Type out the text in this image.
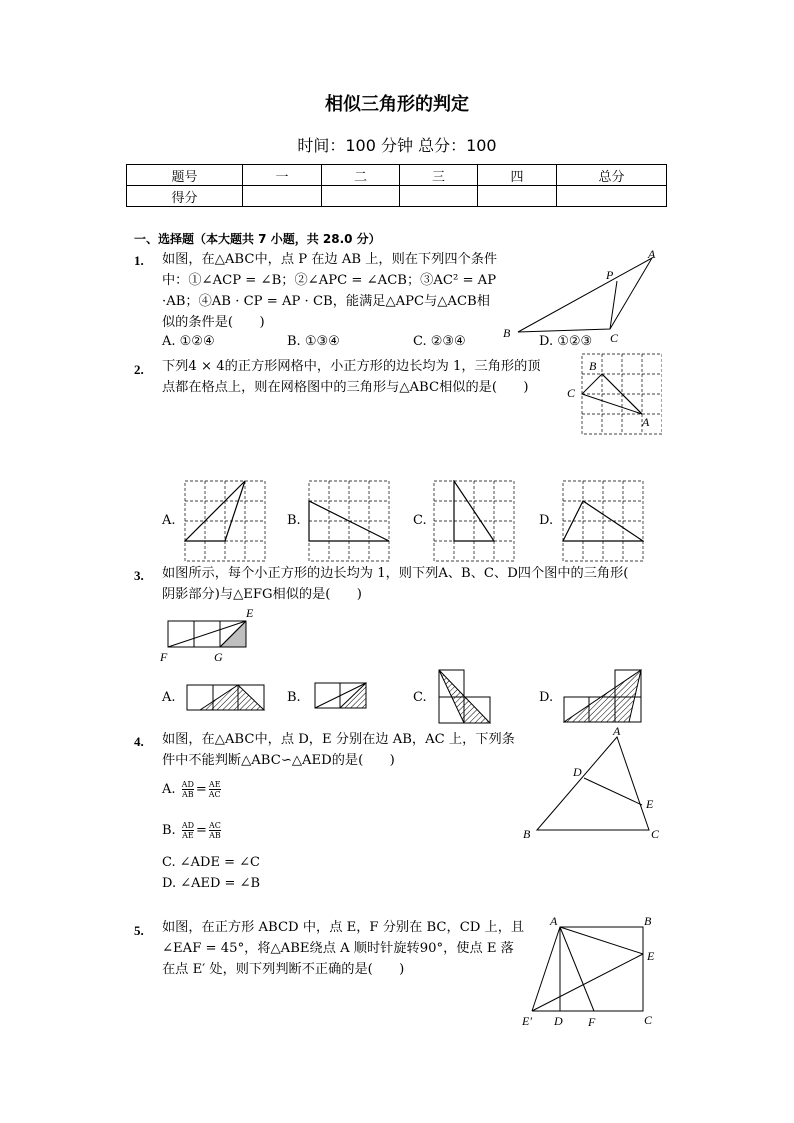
相似三角形的判定
时间：100 分钟 总分：100
题号	一	二	三	四	总分
得分					
一、选择题（本大题共 7 小题，共 28.0 分）
1. 如图，在△ABC中，点 P 在边 AB 上，则在下列四个条件
中：①∠ACP = ∠B；②∠APC = ∠ACB；③AC² = AP
·AB；④AB · CP = AP · CB，能满足△APC与△ACB相
似的条件是(　　)
A. ①②④	B. ①③④	C. ②③④
B	C
A
P
D. ①②③
2. 下列4 × 4的正方形网格中，小正方形的边长均为 1，三角形的顶
点都在格点上，则在网格图中的三角形与△ABC相似的是(　　)
B
C
A
A.	B.	C.	D.
3. 如图所示，每个小正方形的边长均为 1，则下列A、B、C、D四个图中的三角形(
阴影部分)与△EFG相似的是(　　)
E
F	G
A.	B.	C.	D.
4. 如图，在△ABC中，点 D，E 分别在边 AB，AC 上，下列条
件中不能判断△ABC∽△AED的是(　　)
A. $\frac{AD}{AB} = \frac{AE}{AC}$
B. $\frac{AD}{AE} = \frac{AC}{AB}$
C. ∠ADE = ∠C
D. ∠AED = ∠B
A
D
E
B	C
5. 如图，在正方形 ABCD 中，点 E，F 分别在 BC，CD 上，且
∠EAF = 45°，将△ABE绕点 A 顺时针旋转90°，使点 E 落
在点 E′ 处，则下列判断不正确的是(　　)
A	B
E
E′ D F	C
